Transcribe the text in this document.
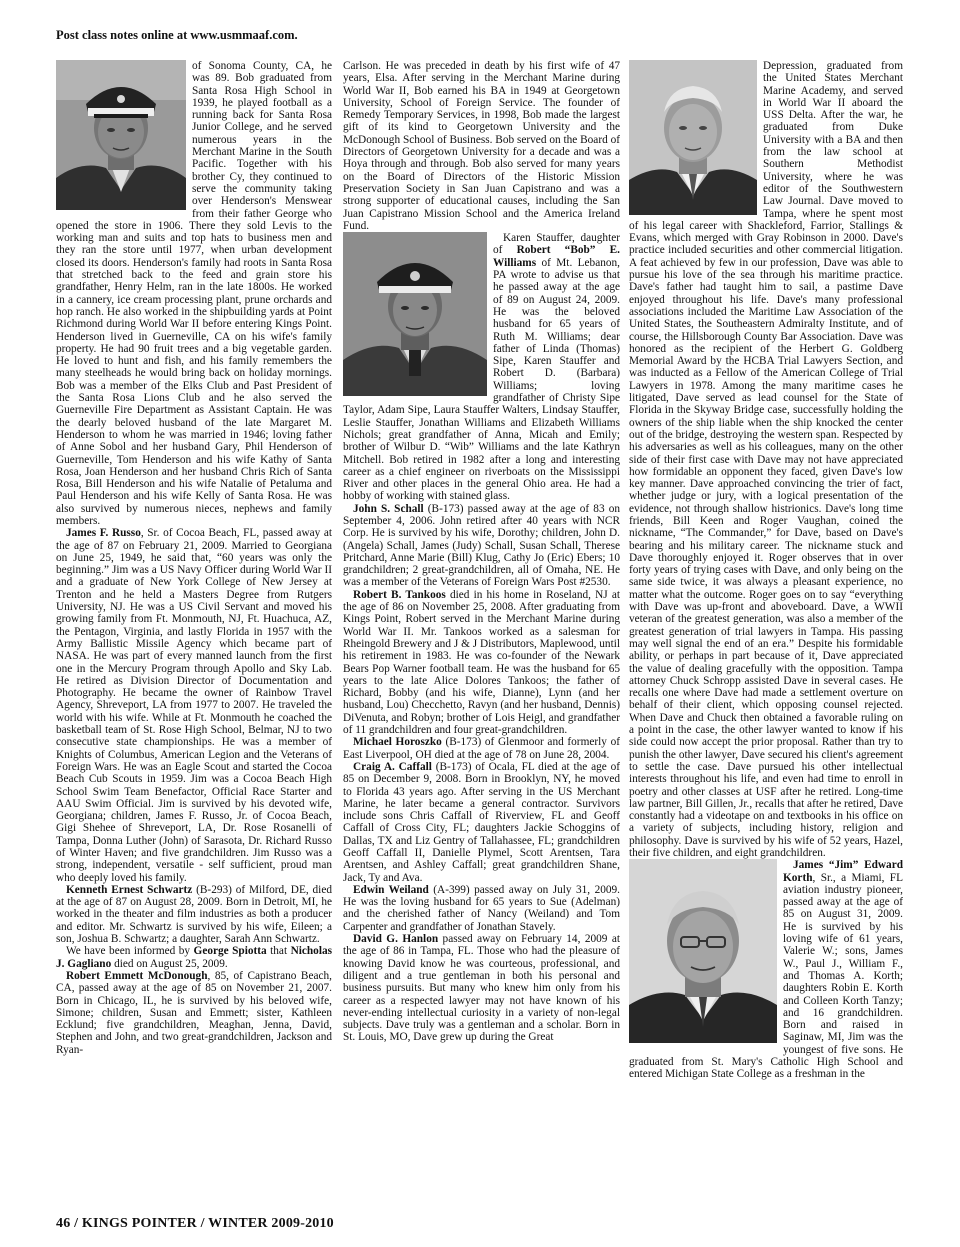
Post class notes online at www.usmmaaf.com.

of Sonoma County, CA, he was 89. Bob graduated from Santa Rosa High School in 1939, he played football as a running back for Santa Rosa Junior College, and he served numerous years in the Merchant Marine in the South Pacific. Together with his brother Cy, they continued to serve the community taking over Henderson's Menswear from their father George who opened the store in 1906. There they sold Levis to the working man and suits and top hats to business men and they ran the store until 1977, when urban development closed its doors. Henderson's family had roots in Santa Rosa that stretched back to the feed and grain store his grandfather, Henry Helm, ran in the late 1800s. He worked in a cannery, ice cream processing plant, prune orchards and hop ranch. He also worked in the shipbuilding yards at Point Richmond during World War II before entering Kings Point. Henderson lived in Guerneville, CA on his wife's family property. He had 90 fruit trees and a big vegetable garden. He loved to hunt and fish, and his family remembers the many steelheads he would bring back on holiday mornings. Bob was a member of the Elks Club and Past President of the Santa Rosa Lions Club and he also served the Guerneville Fire Department as Assistant Captain. He was the dearly beloved husband of the late Margaret M. Henderson to whom he was married in 1946; loving father of Anne Sobol and her husband Gary, Phil Henderson of Guerneville, Tom Henderson and his wife Kathy of Santa Rosa, Joan Henderson and her husband Chris Rich of Santa Rosa, Bill Henderson and his wife Natalie of Petaluma and Paul Henderson and his wife Kelly of Santa Rosa. He was also survived by numerous nieces, nephews and family members.

James F. Russo, Sr. of Cocoa Beach, FL, passed away at the age of 87 on February 21, 2009. Married to Georgiana on June 25, 1949, he said that, “60 years was only the beginning.” Jim was a US Navy Officer during World War II and a graduate of New York College of New Jersey at Trenton and he held a Masters Degree from Rutgers University, NJ. He was a US Civil Servant and moved his growing family from Ft. Monmouth, NJ, Ft. Huachuca, AZ, the Pentagon, Virginia, and lastly Florida in 1957 with the Army Ballistic Missile Agency which became part of NASA. He was part of every manned launch from the first one in the Mercury Program through Apollo and Sky Lab. He retired as Division Director of Documentation and Photography. He became the owner of Rainbow Travel Agency, Shreveport, LA from 1977 to 2007. He traveled the world with his wife. While at Ft. Monmouth he coached the basketball team of St. Rose High School, Belmar, NJ to two consecutive state championships. He was a member of Knights of Columbus, American Legion and the Veterans of Foreign Wars. He was an Eagle Scout and started the Cocoa Beach Cub Scouts in 1959. Jim was a Cocoa Beach High School Swim Team Benefactor, Official Race Starter and AAU Swim Official. Jim is survived by his devoted wife, Georgiana; children, James F. Russo, Jr. of Cocoa Beach, Gigi Shehee of Shreveport, LA, Dr. Rose Rosanelli of Tampa, Donna Luther (John) of Sarasota, Dr. Richard Russo of Winter Haven; and five grandchildren. Jim Russo was a strong, independent, versatile - self sufficient, proud man who deeply loved his family.

Kenneth Ernest Schwartz (B-293) of Milford, DE, died at the age of 87 on August 28, 2009. Born in Detroit, MI, he worked in the theater and film industries as both a producer and editor. Mr. Schwartz is survived by his wife, Eileen; a son, Joshua B. Schwartz; a daughter, Sarah Ann Schwartz.

We have been informed by George Spiotta that Nicholas J. Gagliano died on August 25, 2009.

Robert Emmett McDonough, 85, of Capistrano Beach, CA, passed away at the age of 85 on November 21, 2007. Born in Chicago, IL, he is survived by his beloved wife, Simone; children, Susan and Emmett; sister, Kathleen Ecklund; five grandchildren, Meaghan, Jenna, David, Stephen and John, and two great-grandchildren, Jackson and Ryan-

Carlson. He was preceded in death by his first wife of 47 years, Elsa. After serving in the Merchant Marine during World War II, Bob earned his BA in 1949 at Georgetown University, School of Foreign Service. The founder of Remedy Temporary Services, in 1998, Bob made the largest gift of its kind to Georgetown University and the McDonough School of Business. Bob served on the Board of Directors of Georgetown University for a decade and was a Hoya through and through. Bob also served for many years on the Board of Directors of the Historic Mission Preservation Society in San Juan Capistrano and was a strong supporter of educational causes, including the San Juan Capistrano Mission School and the America Ireland Fund.

Karen Stauffer, daughter of Robert “Bob” E. Williams of Mt. Lebanon, PA wrote to advise us that he passed away at the age of 89 on August 24, 2009. He was the beloved husband for 65 years of Ruth M. Williams; dear father of Linda (Thomas) Sipe, Karen Stauffer and Robert D. (Barbara) Williams; loving grandfather of Christy Sipe Taylor, Adam Sipe, Laura Stauffer Walters, Lindsay Stauffer, Leslie Stauffer, Jonathan Williams and Elizabeth Williams Nichols; great grandfather of Anna, Micah and Emily; brother of Wilbur D. “Wib” Williams and the late Kathryn Mitchell. Bob retired in 1982 after a long and interesting career as a chief engineer on riverboats on the Mississippi River and other places in the general Ohio area. He had a hobby of working with stained glass.

John S. Schall (B-173) passed away at the age of 83 on September 4, 2006. John retired after 40 years with NCR Corp. He is survived by his wife, Dorothy; children, John D. (Angela) Schall, James (Judy) Schall, Susan Schall, Therese Pritchard, Anne Marie (Bill) Klug, Cathy Jo (Eric) Ebers; 10 grandchildren; 2 great-grandchildren, all of Omaha, NE. He was a member of the Veterans of Foreign Wars Post #2530.

Robert B. Tankoos died in his home in Roseland, NJ at the age of 86 on November 25, 2008. After graduating from Kings Point, Robert served in the Merchant Marine during World War II. Mr. Tankoos worked as a salesman for Rheingold Brewery and J & J Distributors, Maplewood, until his retirement in 1983. He was co-founder of the Newark Bears Pop Warner football team. He was the husband for 65 years to the late Alice Dolores Tankoos; the father of Richard, Bobby (and his wife, Dianne), Lynn (and her husband, Lou) Checchetto, Ravyn (and her husband, Dennis) DiVenuta, and Robyn; brother of Lois Heigl, and grandfather of 11 grandchildren and four great-grandchildren.

Michael Horoszko (B-173) of Glenmoor and formerly of East Liverpool, OH died at the age of 78 on June 28, 2004.

Craig A. Caffall (B-173) of Ocala, FL died at the age of 85 on December 9, 2008. Born in Brooklyn, NY, he moved to Florida 43 years ago. After serving in the US Merchant Marine, he later became a general contractor. Survivors include sons Chris Caffall of Riverview, FL and Geoff Caffall of Cross City, FL; daughters Jackie Schoggins of Dallas, TX and Liz Gentry of Tallahassee, FL; grandchildren Geoff Caffall II, Danielle Plymel, Scott Arentsen, Tara Arentsen, and Ashley Caffall; great grandchildren Shane, Jack, Ty and Ava.

Edwin Weiland (A-399) passed away on July 31, 2009. He was the loving husband for 65 years to Sue (Adelman) and the cherished father of Nancy (Weiland) and Tom Carpenter and grandfather of Jonathan Stavely.

David G. Hanlon passed away on February 14, 2009 at the age of 86 in Tampa, FL. Those who had the pleasure of knowing David know he was courteous, professional, and diligent and a true gentleman in both his personal and business pursuits. But many who knew him only from his career as a respected lawyer may not have known of his never-ending intellectual curiosity in a variety of non-legal subjects. Dave truly was a gentleman and a scholar. Born in St. Louis, MO, Dave grew up during the Great

Depression, graduated from the United States Merchant Marine Academy, and served in World War II aboard the USS Delta. After the war, he graduated from Duke University with a BA and then from the law school at Southern Methodist University, where he was editor of the Southwestern Law Journal. Dave moved to Tampa, where he spent most of his legal career with Shackleford, Farrior, Stallings & Evans, which merged with Gray Robinson in 2000. Dave's practice included securities and other commercial litigation. A feat achieved by few in our profession, Dave was able to pursue his love of the sea through his maritime practice. Dave's father had taught him to sail, a pastime Dave enjoyed throughout his life. Dave's many professional associations included the Maritime Law Association of the United States, the Southeastern Admiralty Institute, and of course, the Hillsborough County Bar Association. Dave was honored as the recipient of the Herbert G. Goldberg Memorial Award by the HCBA Trial Lawyers Section, and was inducted as a Fellow of the American College of Trial Lawyers in 1978. Among the many maritime cases he litigated, Dave served as lead counsel for the State of Florida in the Skyway Bridge case, successfully holding the owners of the ship liable when the ship knocked the center out of the bridge, destroying the western span. Respected by his adversaries as well as his colleagues, many on the other side of their first case with Dave may not have appreciated how formidable an opponent they faced, given Dave's low key manner. Dave approached convincing the trier of fact, whether judge or jury, with a logical presentation of the evidence, not through shallow histrionics. Dave's long time friends, Bill Keen and Roger Vaughan, coined the nickname, “The Commander,” for Dave, based on Dave's bearing and his military career. The nickname stuck and Dave thoroughly enjoyed it. Roger observes that in over forty years of trying cases with Dave, and only being on the same side twice, it was always a pleasant experience, no matter what the outcome. Roger goes on to say “everything with Dave was up-front and aboveboard. Dave, a WWII veteran of the greatest generation, was also a member of the greatest generation of trial lawyers in Tampa. His passing may well signal the end of an era.” Despite his formidable ability, or perhaps in part because of it, Dave appreciated the value of dealing gracefully with the opposition. Tampa attorney Chuck Schropp assisted Dave in several cases. He recalls one where Dave had made a settlement overture on behalf of their client, which opposing counsel rejected. When Dave and Chuck then obtained a favorable ruling on a point in the case, the other lawyer wanted to know if his side could now accept the prior proposal. Rather than try to punish the other lawyer, Dave secured his client's agreement to settle the case. Dave pursued his other intellectual interests throughout his life, and even had time to enroll in poetry and other classes at USF after he retired. Long-time law partner, Bill Gillen, Jr., recalls that after he retired, Dave constantly had a videotape on and textbooks in his office on a variety of subjects, including history, religion and philosophy. Dave is survived by his wife of 52 years, Hazel, their five children, and eight grandchildren.

James “Jim” Edward Korth, Sr., a Miami, FL aviation industry pioneer, passed away at the age of 85 on August 31, 2009. He is survived by his loving wife of 61 years, Valerie W.; sons, James W., Paul J., William F., and Thomas A. Korth; daughters Robin E. Korth and Colleen Korth Tanzy; and 16 grandchildren. Born and raised in Saginaw, MI, Jim was the youngest of five sons. He graduated from St. Mary's Catholic High School and entered Michigan State College as a freshman in the

46 / KINGS POINTER / WINTER 2009-2010
